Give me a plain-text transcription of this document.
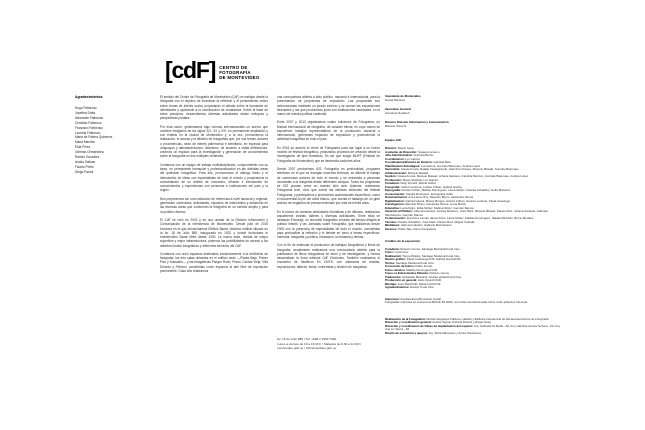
Agradecimientos
Hugo Fattoruso
Josefina Dotta
Alexander Fattoruso
Christian Fattoruso
Francisco Fattoruso
Leonela Fattoruso
María de Fátima Quinteros
María Marotta
Elda Pérez
Germán Ormaechea
Ramiro González
Analía Salinas
Fausto Prieto
Diego Parodi
[cdF] CENTRO DE
FOTOGRAFÍA
DE MONTEVIDEO

El sentido del Centro de Fotografía de Montevideo (CdF) es trabajar desde la fotografía con el objetivo de incentivar la reflexión y el pensamiento crítico sobre temas de interés social, propiciando el debate sobre la formación de identidades y aportando a la construcción de ciudadanía. Sobre la base de estos principios, desarrollamos diversas actividades desde enfoques y perspectivas plurales.

Por esta razón, gestionamos bajo normas internacionales un acervo que contiene imágenes de los siglos XIX, XX y XXI, en permanente ampliación y con énfasis en la ciudad de Montevideo y, a la vez, promovemos la realización, el acceso y la difusión de fotografías que, por sus temas, autores o procedencias, sean de interés patrimonial e identitario, en especial para uruguayos y latinoamericanos. Asimismo, de acuerdo a estas definiciones, creamos un espacio para la investigación y generación de conocimientos sobre la fotografía en sus múltiples vertientes.

Contamos con un equipo de trabajo multidisciplinario, comprometido con su tarea, en permanente formación y profesionalización en las distintas áreas del quehacer fotográfico. Para ello, promovemos el diálogo fluido y el intercambio de ideas con especialistas de todo el mundo y propiciamos la consolidación de un ámbito de encuentro, difusión e intercambio de conocimientos y experiencias con personas e instituciones del país y la región.

Nos proponemos ser una institución de referencia a nivel nacional y regional, generando contenidos, actividades, espacios de intercambio y desarrollo en las diversas áreas que conforman la fotografía en un sentido amplio y para un público diverso.

El CdF se creó en 2002 y es una unidad de la División Información y Comunicación de la Intendencia de Montevideo. Desde julio de 2015 funciona en el que denominamos Edificio Bazar, histórico edificio situado en la Av. 18 de Julio 885, inaugurado en 1932 y donde funcionara el emblemático Bazar Mitre desde 1940. La nueva sede, dotada de mayor superficie y mejor infraestructura, potencia las posibilidades de acceso a los distintos fondos fotográficos y diferentes servicios del CdF.

Contamos con ocho espacios destinados exclusivamente a la exhibición de fotografía: las tres salas ubicadas en el edificio sede —Planta Baja, Primer Piso y Subsuelo— y las fotogalerías Parque Rodó, Prado, Ciudad Vieja, Villa Dolores y Peñarol, concebidas como espacios al aire libre de exposición permanente. Cada año realizamos

una convocatoria abierta a todo público, nacional e internacional, para la presentación de propuestas de exposición. Las propuestas son seleccionadas mediante un jurado externo y se suman las exposiciones itinerantes y las que producimos junto con instituciones nacionales, en el marco de nuestra política curatorial.

Entre 2007 y 2013 organizamos cuatro ediciones de Fotograma, un festival internacional de fotografía, de carácter bienal, en cuyo marco se expusieron trabajos representativos de la producción nacional e internacional, generando espacios de exposición y promoviendo la actividad fotográfica en todo el país.

En 2016 se asumió el cierre de Fotograma para dar lugar a un nuevo modelo de festival fotográfico, priorizando procesos de creación desde la investigación de ejes temáticos. Es así que surgió MUFF (Festival de Fotografía de Montevideo) que se desarrolla cada tres años.

Desde 2007 producimos f/22. Fotografía en profundidad, programa televisivo en el que se divulgan nociones técnicas, se difunde el trabajo de numerosos autores de todo el mundo y se entrevista a personas vinculadas a la fotografía desde diferentes campos. Todos los programas de f/22 pueden verse en nuestro sitio web. Además, realizamos Fotograma tevé, ciclo que cubrió las distintas ediciones del festival Fotograma, y participamos y producimos audiovisuales específicos, como el documental Al pie del árbol blanco, que cuenta el hallazgo de un gran archivo de negativos de prensa enterrado por más de treinta años.

En el marco de nuestras actividades formativas y de difusión, realizamos anualmente charlas, talleres y diversas actividades. Entre ellas se destacan Fotoviaje, un recorrido fotográfico a través del tiempo dirigido al público infantil, y las Jornadas sobre Fotografía, que realizamos desde 2005 con la presencia de especialistas de todo el mundo, concebidas para profundizar la reflexión y el debate en torno a temas específicos: memoria, fotografía y política, educación, la industria y demás.

Con el fin de estimular la producción de trabajos fotográficos y libros de fotografía, anualmente realizamos una convocatoria abierta para la publicación de libros fotográficos de autor y de investigación, y hemos desarrollado la línea editorial CdF Ediciones. También realizamos el encuentro de fotolibros En CMYK, con instancias de charlas, exposiciones, talleres, ferias, entrevistas y revisión de maquetas.

Av. 18 de Julio 885 / Tel: +598 2 1950 7960
Lunes a viernes de 10 a 19.30 h / Sábados de 9.30 a 14.30 h
montevideo.gub.uy / cdfmontevideo.gub.uy
Intendente de Montevideo
Daniel Martínez
Secretario General
Fernando Nopitsch
Director División Información y Comunicación
Marcelo Visconti
Equipo CdF
Director: Daniel Sosa
Asistente de Dirección: Susana Centeno
Jefa Administrativa: Verónica Berrío
Coordinación: Lys Gainza
Coordinadora/Sistema de Gestión: Gabriela Belo
Planificación Estratégica: Lys Gainza, Gonzalo Bazerque, Andrea López
Secretaría: Gisela Acosta, Natalia Castelgrande, Valentina Chaves, Marcelo Mawad, Gonzalo Bazerque
Administración: Marcelo Mawad
Gestión: Gisela Acosta, Marcelo Mawad, Johana Santana, Carolina Monzón, Gonzalo Bazerque, Andrea López
Producción: Mauro Martella, Lys Gainza
Curaduría: Nelly Spinelli, Melina Núñez
Fotografía: Carlos Contrera, Andrés Cribari, Gabriel García
Expografía: Andrés Cribari, Matilde Domínguez, Laura Núñez, Claudia Schiaffino, Sofía Michelini
Conservación: Sandra Rodríguez, Evangelina Gallo
Documentación: Ana Laura Cirio, Mauricio Bruno, Alexandra Nóvoa
Digitalización: Gabriel García, Maicor Borges, Andrés Cribari, Horacio Loriente, Paula Casariego
Investigación: Mauricio Bruno, Alexandra Nóvoa, Lucía Martín
Educativa: Lucía Nigro, Erika Núñez, Melina Núñez, Germán Ramos
Atención al Público: Lilián Hernández, Andrea Martínez, José Martí, Marcelo Mawad, Darwin Ruiz, Johana Santana, Gabriela Manzanares, Germán Ramos
Comunicación: Francisco Landro, Elena Firpo, Laura Núñez, Matilde Domínguez, Natalia Michelini, Bruno Morales
Técnica: Claudio Schiaffino, José Martí, Darwin Ruiz, Miguel Carballo
Mediateca: Lilián Hernández, Gabriela Manzanares
Serenos: Pablo Tate, Darío Campalans
Créditos de la exposición
Curaduría: Roberto Cenne, Santiago Bednarik/Coral Cine
Fotos: Coral Cine
Realización: Tanya Wolsky, Santiago Mederos/Coral Cine
Diseño gráfico: Paula Casariego/CdF, Gabriel García/CdF
Textos: Santiago Mederos/Coral Cine
Corrección de textos: Pablo Ferrari
Fotos retratos: Matilde Domínguez/CdF
Fotos La Entrevista/La Película: Roberto Cenne
Traducción: Sebastián Bednarik, Andrés Varela/Coral Cine
Producción en general: Hello Sponch/CdF
Montaje: José Martí/CdF, Darwin Ruiz/CdF
Agradecimientos: Equipo Coral Cine
Impresión: Arquiles Euro/Dimensión Social
Fotografías impresas en impresoras Bizhub BJ-6000, con tintas acondicionadas sobre vinilo adhesivo Intercoat.
Realización de la Fotogalería: División Espacios Públicos, Hábitat y Edificios Intendencia de Montevideo/Centro de Fotografía.
Dirección y coordinación general: Andrés Vignoli, Patricia Roland y Daniel Sosa.
Dirección y coordinación de Obras de implantación del espacio: Arq. Gabriela De Bellis - IM, Arq. Gabriela Acosta Techera - IM, Arq. Ana Liz Sierra - IM.
Diseño de estructura y apoyos: Ing. Silvia Marsicano y Arnés Soluciones.
